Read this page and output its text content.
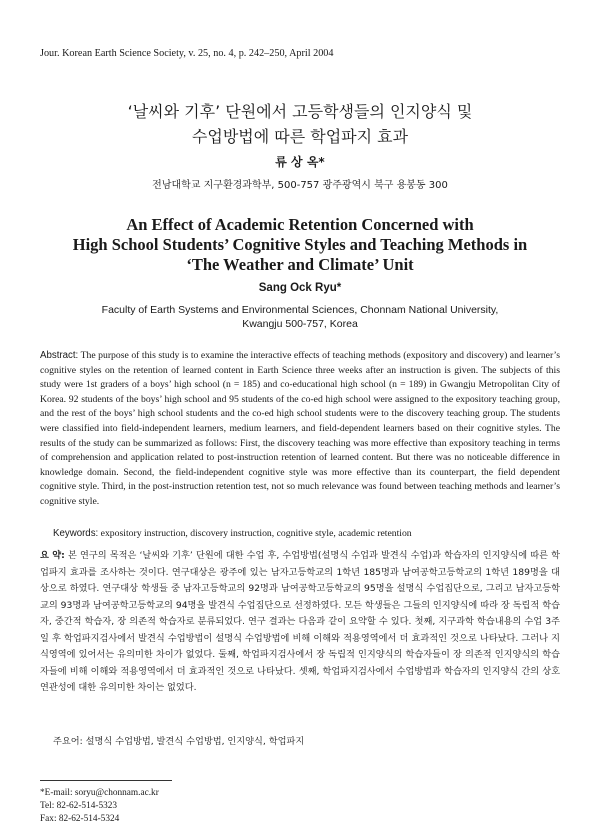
Jour. Korean Earth Science Society, v. 25, no. 4, p. 242–250, April 2004
‘날씨와 기후’ 단원에서 고등학생들의 인지양식 및
수업방법에 따른 학업파지 효과
류 상 옥*
전남대학교 지구환경과학부, 500-757 광주광역시 북구 용봉동 300
An Effect of Academic Retention Concerned with
High School Students’ Cognitive Styles and Teaching Methods in
‘The Weather and Climate’ Unit
Sang Ock Ryu*
Faculty of Earth Systems and Environmental Sciences, Chonnam National University,
Kwangju 500-757, Korea
Abstract: The purpose of this study is to examine the interactive effects of teaching methods (expository and discovery) and learner’s cognitive styles on the retention of learned content in Earth Science three weeks after an instruction is given. The subjects of this study were 1st graders of a boys’ high school (n = 185) and co-educational high school (n = 189) in Gwangju Metropolitan City of Korea. 92 students of the boys’ high school and 95 students of the co-ed high school were assigned to the expository teaching group, and the rest of the boys’ high school students and the co-ed high school students were to the discovery teaching group. The students were classified into field-independent learners, medium learners, and field-dependent learners based on their cognitive styles. The results of the study can be summarized as follows: First, the discovery teaching was more effective than expository teaching in terms of comprehension and application related to post-instruction retention of learned content. But there was no noticeable difference in knowledge domain. Second, the field-independent cognitive style was more effective than its counterpart, the field dependent cognitive style. Third, in the post-instruction retention test, not so much relevance was found between teaching methods and learner’s cognitive style.
Keywords: expository instruction, discovery instruction, cognitive style, academic retention
요 약: 본 연구의 목적은 ‘날씨와 기후’ 단원에 대한 수업 후, 수업방법(설명식 수업과 발견식 수업)과 학습자의 인지양식에 따른 학업파지 효과를 조사하는 것이다. 연구대상은 광주에 있는 남자고등학교의 1학년 185명과 남여공학고등학교의 1학년 189명을 대상으로 하였다. 연구대상 학생들 중 남자고등학교의 92명과 남여공학고등학교의 95명을 설명식 수업집단으로, 그리고 남자고등학교의 93명과 남여공학고등학교의 94명을 발견식 수업집단으로 선정하였다. 모든 학생들은 그들의 인지양식에 따라 장 독립적 학습자, 중간적 학습자, 장 의존적 학습자로 분류되었다. 연구 결과는 다음과 같이 요약할 수 있다. 첫째, 지구과학 학습내용의 수업 3주일 후 학업파지검사에서 발견식 수업방법이 설명식 수업방법에 비해 이해와 적용영역에서 더 효과적인 것으로 나타났다. 그러나 지식영역에 있어서는 유의미한 차이가 없었다. 둘째, 학업파지검사에서 장 독립적 인지양식의 학습자들이 장 의존적 인지양식의 학습자들에 비해 이해와 적용영역에서 더 효과적인 것으로 나타났다. 셋째, 학업파지검사에서 수업방법과 학습자의 인지양식 간의 상호연관성에 대한 유의미한 차이는 없었다.
주요어: 설명식 수업방법, 발견식 수업방법, 인지양식, 학업파지
*E-mail: soryu@chonnam.ac.kr
Tel: 82-62-514-5323
Fax: 82-62-514-5324
